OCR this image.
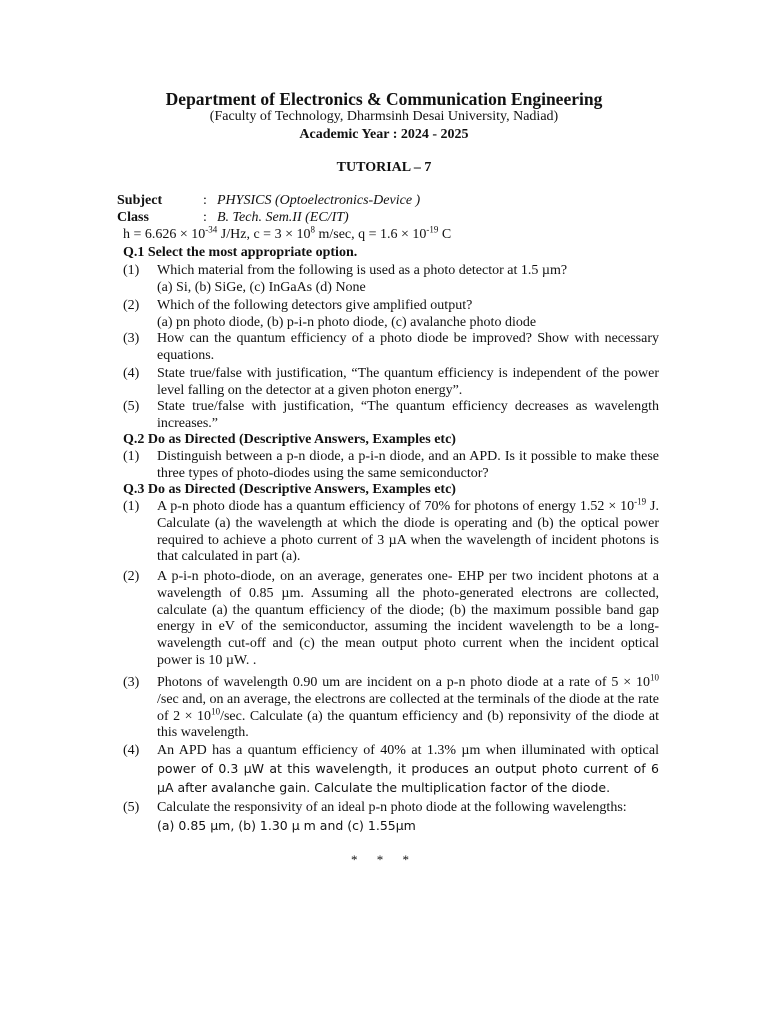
Department of Electronics & Communication Engineering
(Faculty of Technology, Dharmsinh Desai University, Nadiad)
Academic Year : 2024 - 2025
TUTORIAL – 7
Subject	: PHYSICS (Optoelectronics-Device )
Class	: B. Tech. Sem.II (EC/IT)
$h = 6.626 \times 10^{-34}$ J/Hz, $c = 3 \times 10^8$ m/sec, $q = 1.6 \times 10^{-19}$ C
Q.1 Select the most appropriate option.
(1) Which material from the following is used as a photo detector at 1.5 µm?
(a) Si, (b) SiGe, (c) InGaAs (d) None
(2) Which of the following detectors give amplified output?
(a) pn photo diode, (b) p-i-n photo diode, (c) avalanche photo diode
(3) How can the quantum efficiency of a photo diode be improved? Show with necessary equations.
(4) State true/false with justification, “The quantum efficiency is independent of the power level falling on the detector at a given photon energy”.
(5) State true/false with justification, “The quantum efficiency decreases as wavelength increases.”
Q.2 Do as Directed (Descriptive Answers, Examples etc)
(1) Distinguish between a p-n diode, a p-i-n diode, and an APD. Is it possible to make these three types of photo-diodes using the same semiconductor?
Q.3 Do as Directed (Descriptive Answers, Examples etc)
(1) A p-n photo diode has a quantum efficiency of 70% for photons of energy $1.52 \times 10^{-19}$ J. Calculate (a) the wavelength at which the diode is operating and (b) the optical power required to achieve a photo current of 3 µA when the wavelength of incident photons is that calculated in part (a).
(2) A p-i-n photo-diode, on an average, generates one- EHP per two incident photons at a wavelength of 0.85 µm. Assuming all the photo-generated electrons are collected, calculate (a) the quantum efficiency of the diode; (b) the maximum possible band gap energy in eV of the semiconductor, assuming the incident wavelength to be a long-wavelength cut-off and (c) the mean output photo current when the incident optical power is 10 µW. .
(3) Photons of wavelength 0.90 um are incident on a p-n photo diode at a rate of $5 \times 10^{10}$ /sec and, on an average, the electrons are collected at the terminals of the diode at the rate of $2 \times 10^{10}/\sec$. Calculate (a) the quantum efficiency and (b) reponsivity of the diode at this wavelength.
(4) An APD has a quantum efficiency of 40% at 1.3% µm when illuminated with optical power of 0.3 µW at this wavelength, it produces an output photo current of 6 µA after avalanche gain. Calculate the multiplication factor of the diode.
(5) Calculate the responsivity of an ideal p-n photo diode at the following wavelengths:
(a) 0.85 µm, (b) 1.30 µ m and (c) 1.55µm
* * *
